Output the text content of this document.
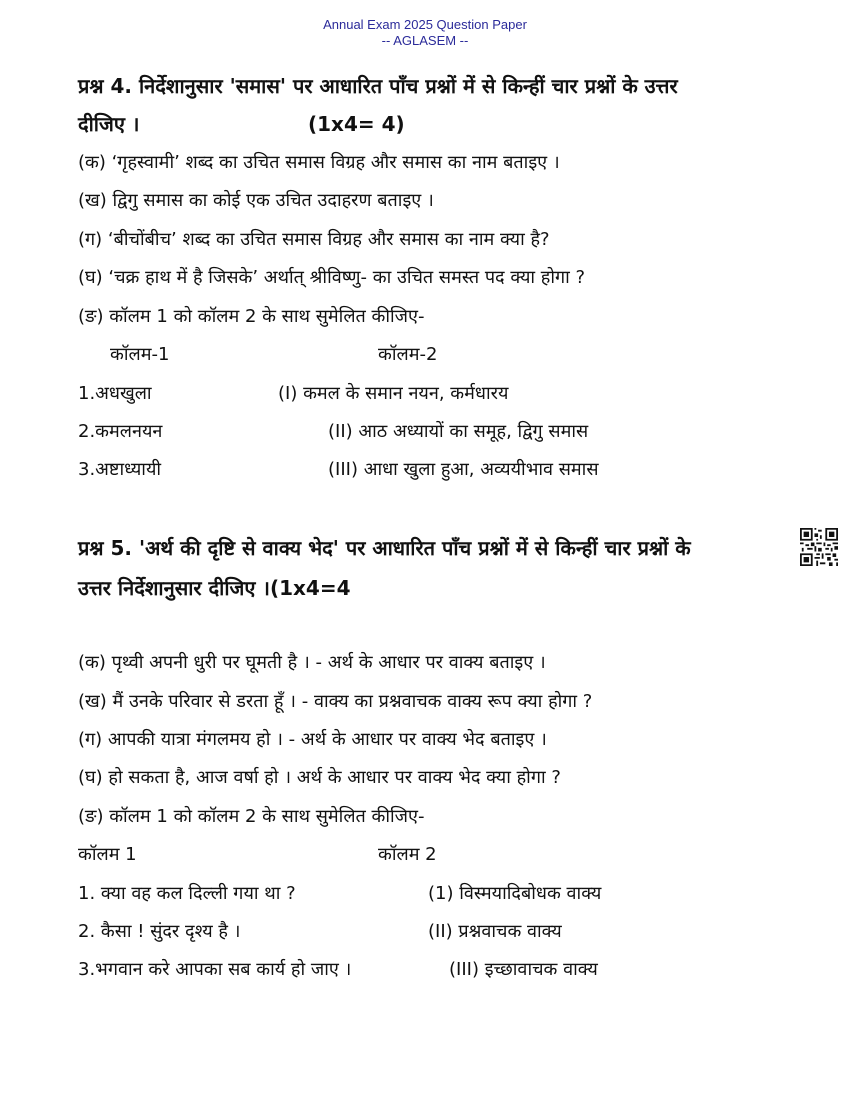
Annual Exam 2025 Question Paper
-- AGLASEM --
प्रश्न 4. निर्देशानुसार 'समास' पर आधारित पाँच प्रश्नों में से किन्हीं चार प्रश्नों के उत्तर
दीजिए ।	(1x4= 4)
(क) ‘गृहस्वामी’ शब्द का उचित समास विग्रह और समास का नाम बताइए ।
(ख) द्विगु समास का कोई एक उचित उदाहरण बताइए ।
(ग) ‘बीचोंबीच’ शब्द का उचित समास विग्रह और समास का नाम क्या है?
(घ) ‘चक्र हाथ में है जिसके’ अर्थात् श्रीविष्णु- का उचित समस्त पद क्या होगा ?
(ङ) कॉलम 1 को कॉलम 2 के साथ सुमेलित कीजिए-
कॉलम-1	कॉलम-2
1.अधखुला	(I) कमल के समान नयन, कर्मधारय
2.कमलनयन	(II) आठ अध्यायों का समूह, द्विगु समास
3.अष्टाध्यायी	(III) आधा खुला हुआ, अव्ययीभाव समास
प्रश्न 5. 'अर्थ की दृष्टि से वाक्य भेद' पर आधारित पाँच प्रश्नों में से किन्हीं चार प्रश्नों के
उत्तर निर्देशानुसार दीजिए ।(1x4=4
(क) पृथ्वी अपनी धुरी पर घूमती है । - अर्थ के आधार पर वाक्य बताइए ।
(ख) मैं उनके परिवार से डरता हूँ । - वाक्य का प्रश्नवाचक वाक्य रूप क्या होगा ?
(ग) आपकी यात्रा मंगलमय हो । - अर्थ के आधार पर वाक्य भेद बताइए ।
(घ) हो सकता है, आज वर्षा हो । अर्थ के आधार पर वाक्य भेद क्या होगा ?
(ङ) कॉलम 1 को कॉलम 2 के साथ सुमेलित कीजिए-
कॉलम 1	कॉलम 2
1. क्या वह कल दिल्ली गया था ?	(1) विस्मयादिबोधक वाक्य
2. कैसा ! सुंदर दृश्य है ।	(II) प्रश्नवाचक वाक्य
3.भगवान करे आपका सब कार्य हो जाए ।	(III) इच्छावाचक वाक्य
